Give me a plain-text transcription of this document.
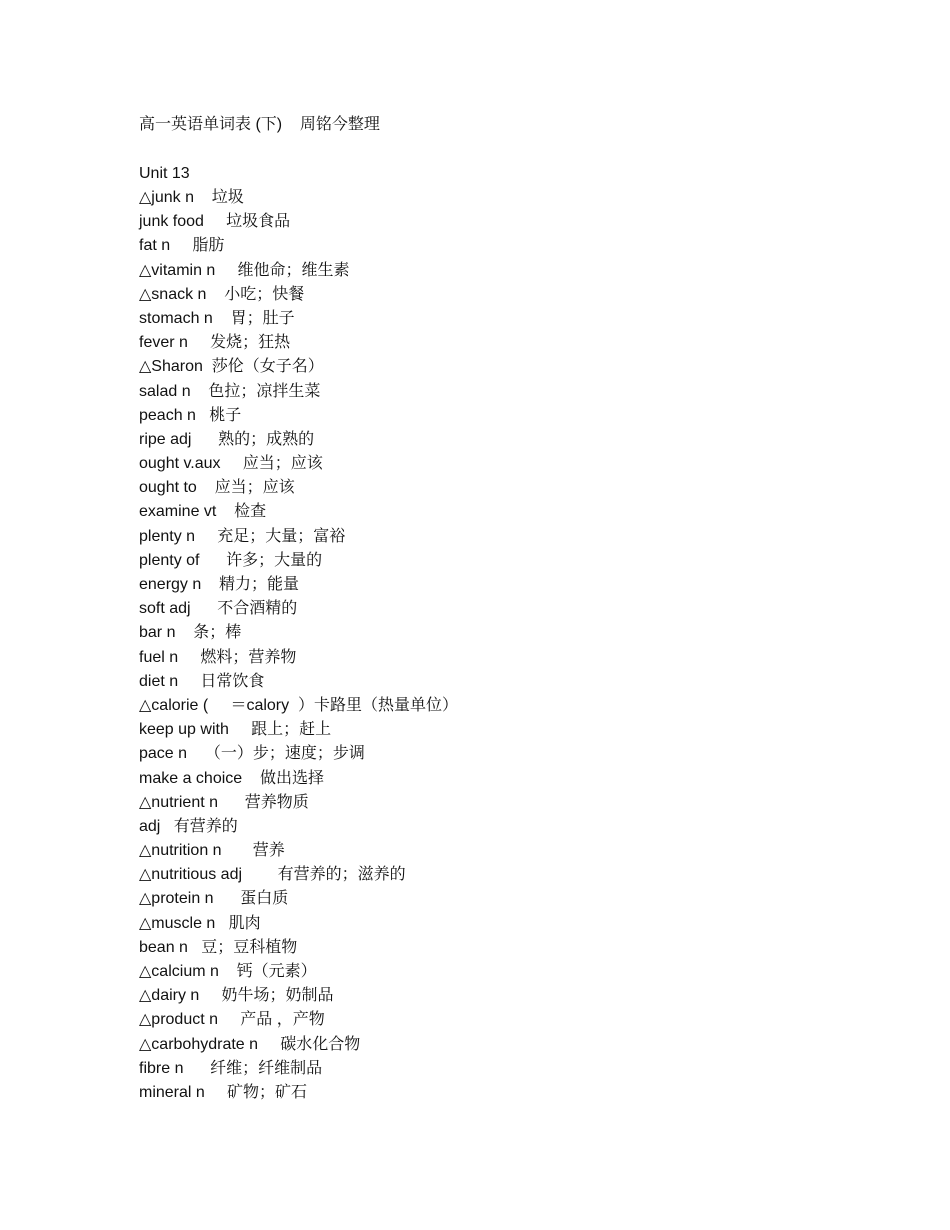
高一英语单词表 (下)    周铭今整理
Unit 13
△junk n    垃圾
junk food     垃圾食品
fat n     脂肪
△vitamin n     维他命；维生素
△snack n    小吃；快餐
stomach n    胃；肚子
fever n     发烧；狂热
△Sharon  莎伦（女子名）
salad n    色拉；凉拌生菜
peach n   桃子
ripe adj      熟的；成熟的
ought v.aux     应当；应该
ought to    应当；应该
examine vt    检查
plenty n     充足；大量；富裕
plenty of      许多；大量的
energy n    精力；能量
soft adj      不合酒精的
bar n    条；棒
fuel n     燃料；营养物
diet n     日常饮食
△calorie (     ＝calory  ）卡路里（热量单位）
keep up with     跟上；赶上
pace n    （一）步；速度；步调
make a choice    做出选择
△nutrient n      营养物质
adj   有营养的
△nutrition n       营养
△nutritious adj        有营养的；滋养的
△protein n      蛋白质
△muscle n   肌肉
bean n   豆；豆科植物
△calcium n    钙（元素）
△dairy n     奶牛场；奶制品
△product n     产品 ，产物
△carbohydrate n     碳水化合物
fibre n      纤维；纤维制品
mineral n     矿物；矿石
